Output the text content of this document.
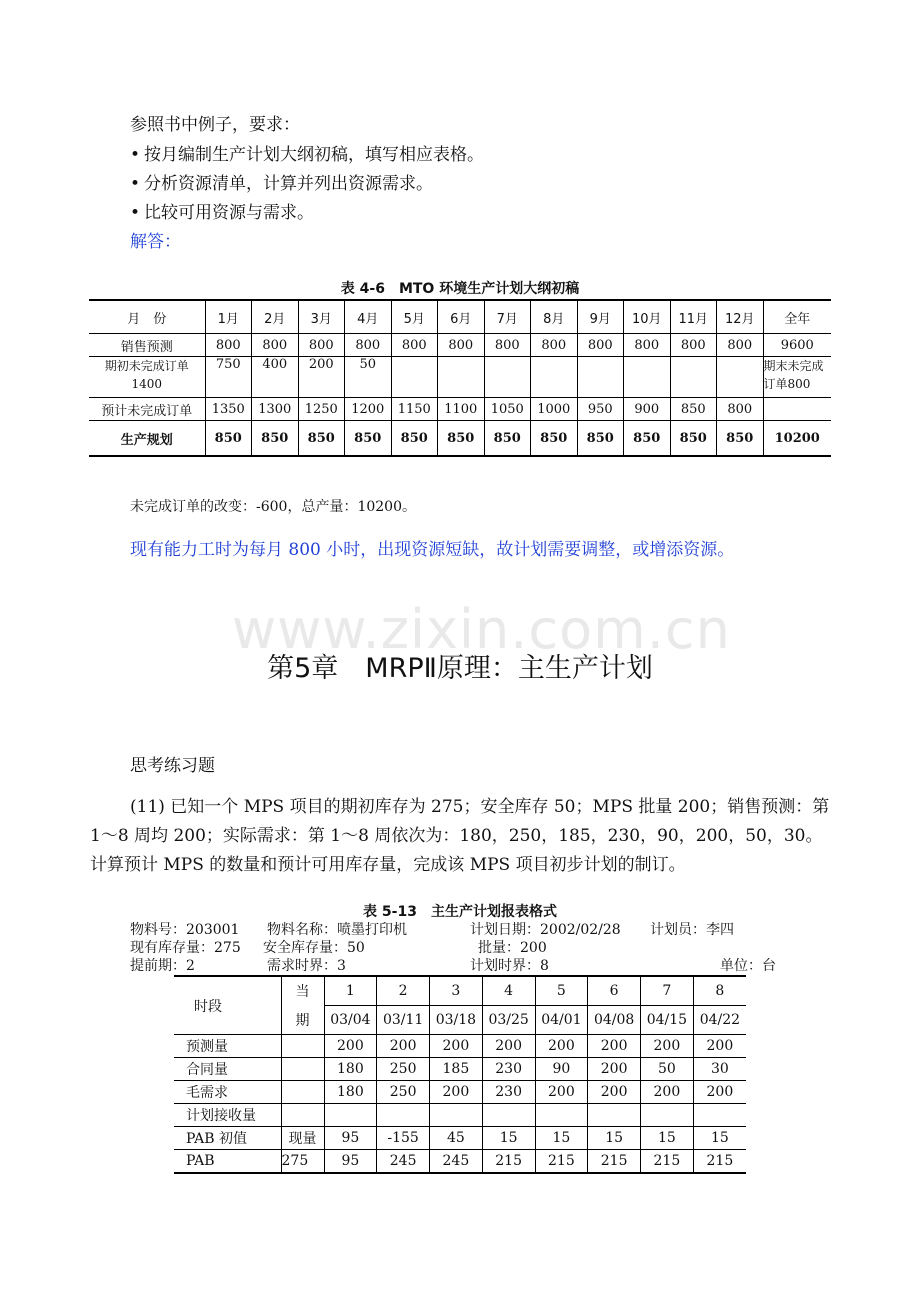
参照书中例子，要求：
• 按月编制生产计划大纲初稿，填写相应表格。
• 分析资源清单，计算并列出资源需求。
• 比较可用资源与需求。
解答：
表 4-6　MTO 环境生产计划大纲初稿
月　份	1月	2月	3月	4月	5月	6月	7月	8月	9月	10月	11月	12月	全年
销售预测	800	800	800	800	800	800	800	800	800	800	800	800	9600

期初未完成订单
1400	750	400	200	50									期末未完成订单800
预计未完成订单	1350	1300	1250	1200	1150	1100	1050	1000	950	900	850	800	
生产规划	850	850	850	850	850	850	850	850	850	850	850	850	10200
未完成订单的改变：-600，总产量：10200。
现有能力工时为每月 800 小时，出现资源短缺，故计划需要调整，或增添资源。
www.zixin.com.cn
第5章　MRPⅡ原理：主生产计划
思考练习题
(11) 已知一个 MPS 项目的期初库存为 275；安全库存 50；MPS 批量 200；销售预测：第 1～8 周均 200；实际需求：第 1～8 周依次为：180，250，185，230，90，200，50，30。计算预计 MPS 的数量和预计可用库存量，完成该 MPS 项目初步计划的制订。
表 5-13　主生产计划报表格式
物料号：203001 物料名称：喷墨打印机	计划日期：2002/02/28 计划员：李四
现有库存量：275 安全库存量：50	批量：200
提前期：2	需求时界：3	计划时界：8	单位：台
时段	当	1	2	3	4	5	6	7	8
	期	03/04	03/11	03/18	03/25	04/01	04/08	04/15	04/22
预测量		200	200	200	200	200	200	200	200
合同量		180	250	185	230	90	200	50	30
毛需求		180	250	200	230	200	200	200	200
计划接收量									
PAB 初值	现量	95	-155	45	15	15	15	15	15
PAB	275	95	245	245	215	215	215	215	215
